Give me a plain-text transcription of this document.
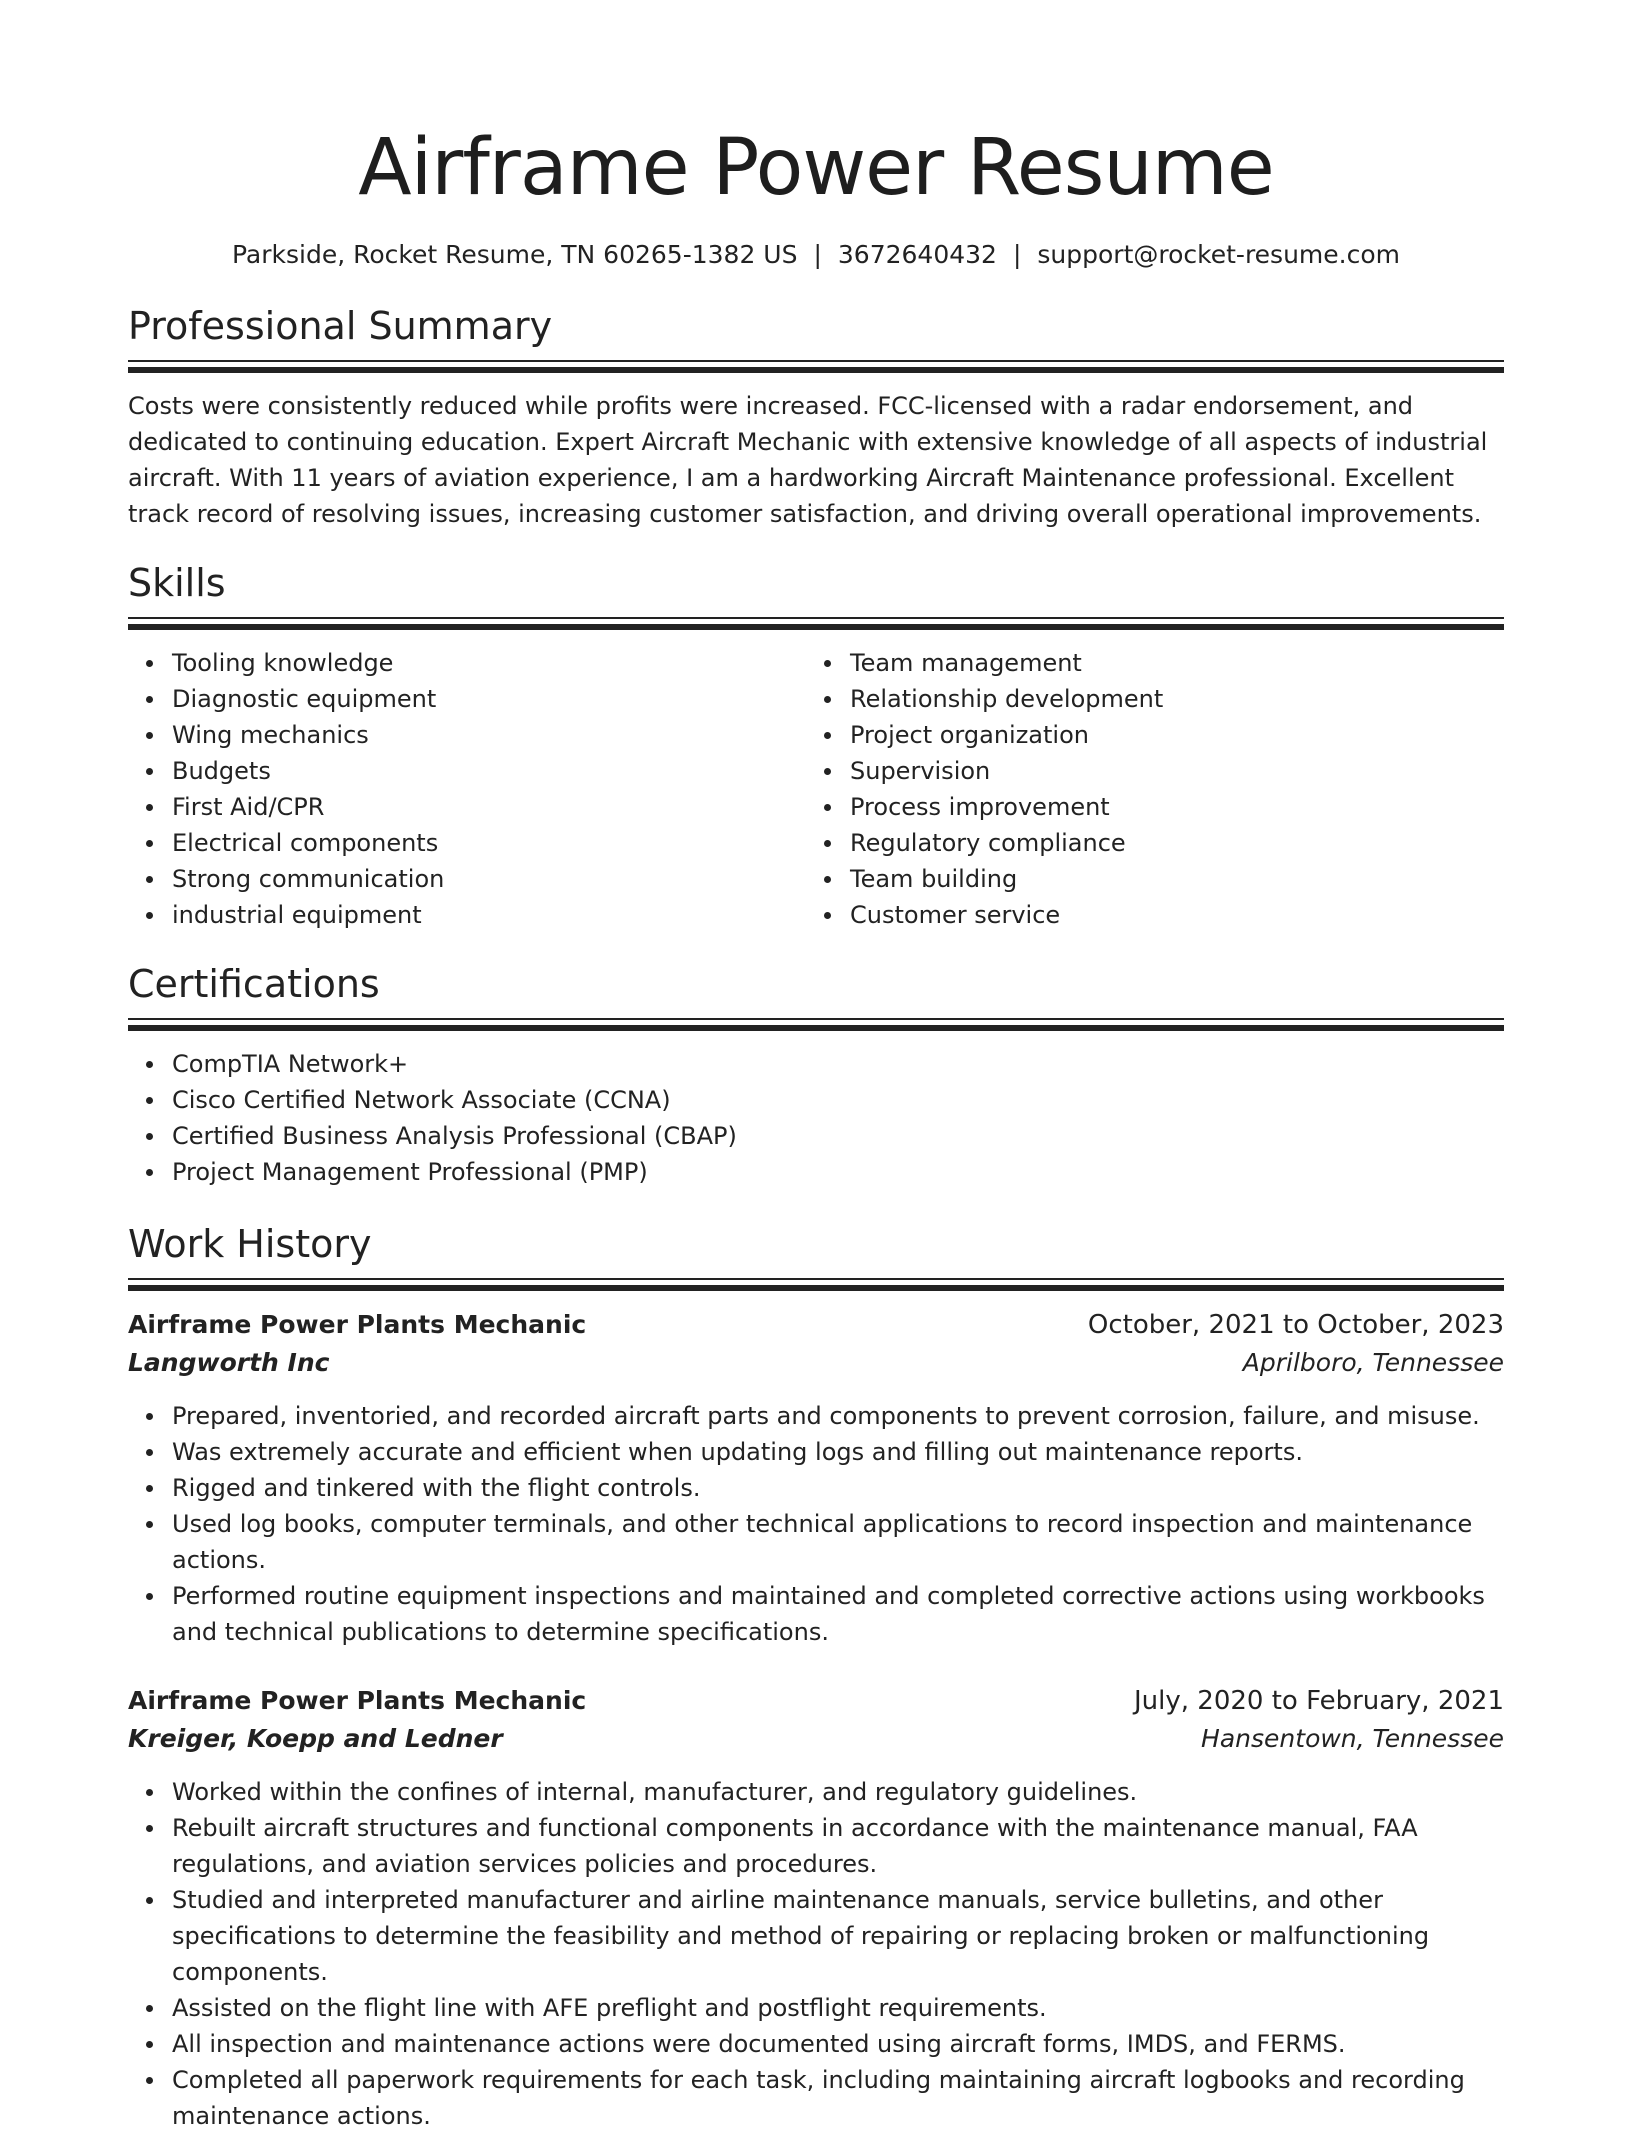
Airframe Power Resume
Parkside, Rocket Resume, TN 60265-1382 US | 3672640432 | support@rocket-resume.com
Professional Summary

Costs were consistently reduced while profits were increased. FCC-licensed with a radar endorsement, and dedicated to continuing education. Expert Aircraft Mechanic with extensive knowledge of all aspects of industrial aircraft. With 11 years of aviation experience, I am a hardworking Aircraft Maintenance professional. Excellent track record of resolving issues, increasing customer satisfaction, and driving overall operational improvements.

Skills
Tooling knowledge
Diagnostic equipment
Wing mechanics
Budgets
First Aid/CPR
Electrical components
Strong communication
industrial equipment
Team management
Relationship development
Project organization
Supervision
Process improvement
Regulatory compliance
Team building
Customer service
Certifications
CompTIA Network+
Cisco Certified Network Associate (CCNA)
Certified Business Analysis Professional (CBAP)
Project Management Professional (PMP)
Work History
Airframe Power Plants Mechanic	October, 2021 to October, 2023
Langworth Inc	Aprilboro, Tennessee
Prepared, inventoried, and recorded aircraft parts and components to prevent corrosion, failure, and misuse.
Was extremely accurate and efficient when updating logs and filling out maintenance reports.
Rigged and tinkered with the flight controls.
Used log books, computer terminals, and other technical applications to record inspection and maintenance actions.
Performed routine equipment inspections and maintained and completed corrective actions using workbooks and technical publications to determine specifications.
Airframe Power Plants Mechanic	July, 2020 to February, 2021
Kreiger, Koepp and Ledner	Hansentown, Tennessee
Worked within the confines of internal, manufacturer, and regulatory guidelines.
Rebuilt aircraft structures and functional components in accordance with the maintenance manual, FAA regulations, and aviation services policies and procedures.
Studied and interpreted manufacturer and airline maintenance manuals, service bulletins, and other specifications to determine the feasibility and method of repairing or replacing broken or malfunctioning components.
Assisted on the flight line with AFE preflight and postflight requirements.
All inspection and maintenance actions were documented using aircraft forms, IMDS, and FERMS.
Completed all paperwork requirements for each task, including maintaining aircraft logbooks and recording maintenance actions.
